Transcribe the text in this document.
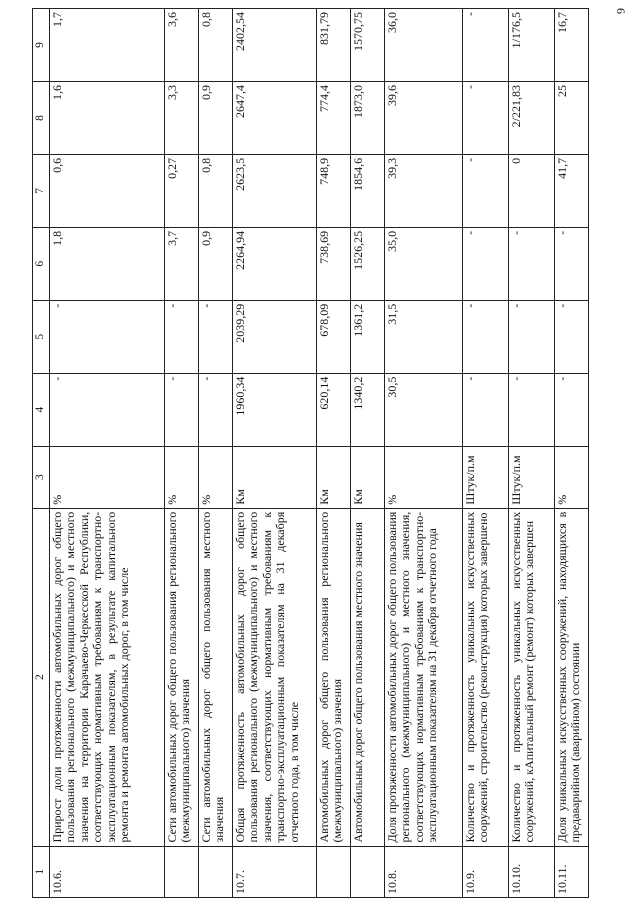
6
1	2	3	4	5	6	7	8	9
10.6.	Прирост доли протяженности автомобильных дорог общего пользования регионального (межмуниципального) и местного значения на территории Карачаево-Черкесской Республики, соответствующих нормативным требованиям к транспортно-эксплуатационным показателям, в результате капитального ремонта и ремонта автомобильных дорог, в том числе	%	-	-	1,8	0,6	1,6	1,7
	Сети автомобильных дорог общего пользования регионального (межмуниципального) значения	%	-	-	3,7	0,27	3,3	3,6
	Сети автомобильных дорог общего пользования местного значения	%	-	-	0,9	0,8	0,9	0,8
10.7.	Общая протяженность автомобильных дорог общего пользования регионального (межмуниципального) и местного значения, соответствующих нормативным требованиям к транспортно-эксплуатационным показателям на 31 декабря отчетного года, в том числе	Км	1960,34	2039,29	2264,94	2623,5	2647,4	2402,54
	Автомобильных дорог общего пользования регионального (межмуниципального) значения	Км	620,14	678,09	738,69	748,9	774,4	831,79
	Автомобильных дорог общего пользования местного значения	Км	1340,2	1361,2	1526,25	1854,6	1873,0	1570,75
10.8.	Доля протяженности автомобильных дорог общего пользования регионального (межмуниципального) и местного значения, соответствующих нормативным требованиям к транспортно-эксплуатационным показателям на 31 декабря отчетного года	%	30,5	31,5	35,0	39,3	39,6	36,0
10.9.	Количество и протяженность уникальных искусственных сооружений, строительство (реконструкция) которых завершено	Штук/п.м	-	-	-	-	-	-
10.10.	Количество и протяженность уникальных искусственных сооружений, кАпитальный ремонт (ремонт) которых завершен	Штук/п.м	-	-	-	0	2/221,83	1/176,5
10.11.	Доля уникальных искусственных сооружений, находящихся в предаварийном (аварийном) состоянии	%	-	-	-	41,7	25	16,7
